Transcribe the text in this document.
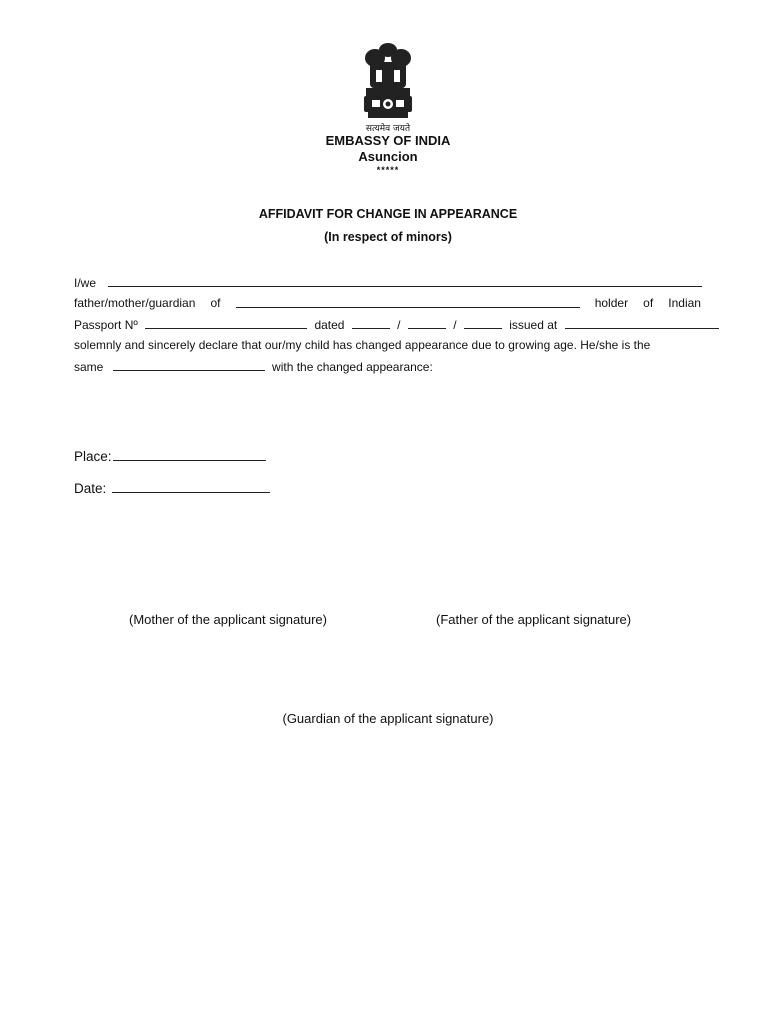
सत्यमेव जयते
EMBASSY OF INDIA
Asuncion
*****
AFFIDAVIT FOR CHANGE IN APPEARANCE
(In respect of minors)
I/we
father/mother/guardian of	holder of Indian
Passport Nº	dated	/	/	issued at
solemnly and sincerely declare that our/my child has changed appearance due to growing age. He/she is the
same	with the changed appearance:
Place:
Date:
(Mother of the applicant signature)	(Father of the applicant signature)
(Guardian of the applicant signature)
